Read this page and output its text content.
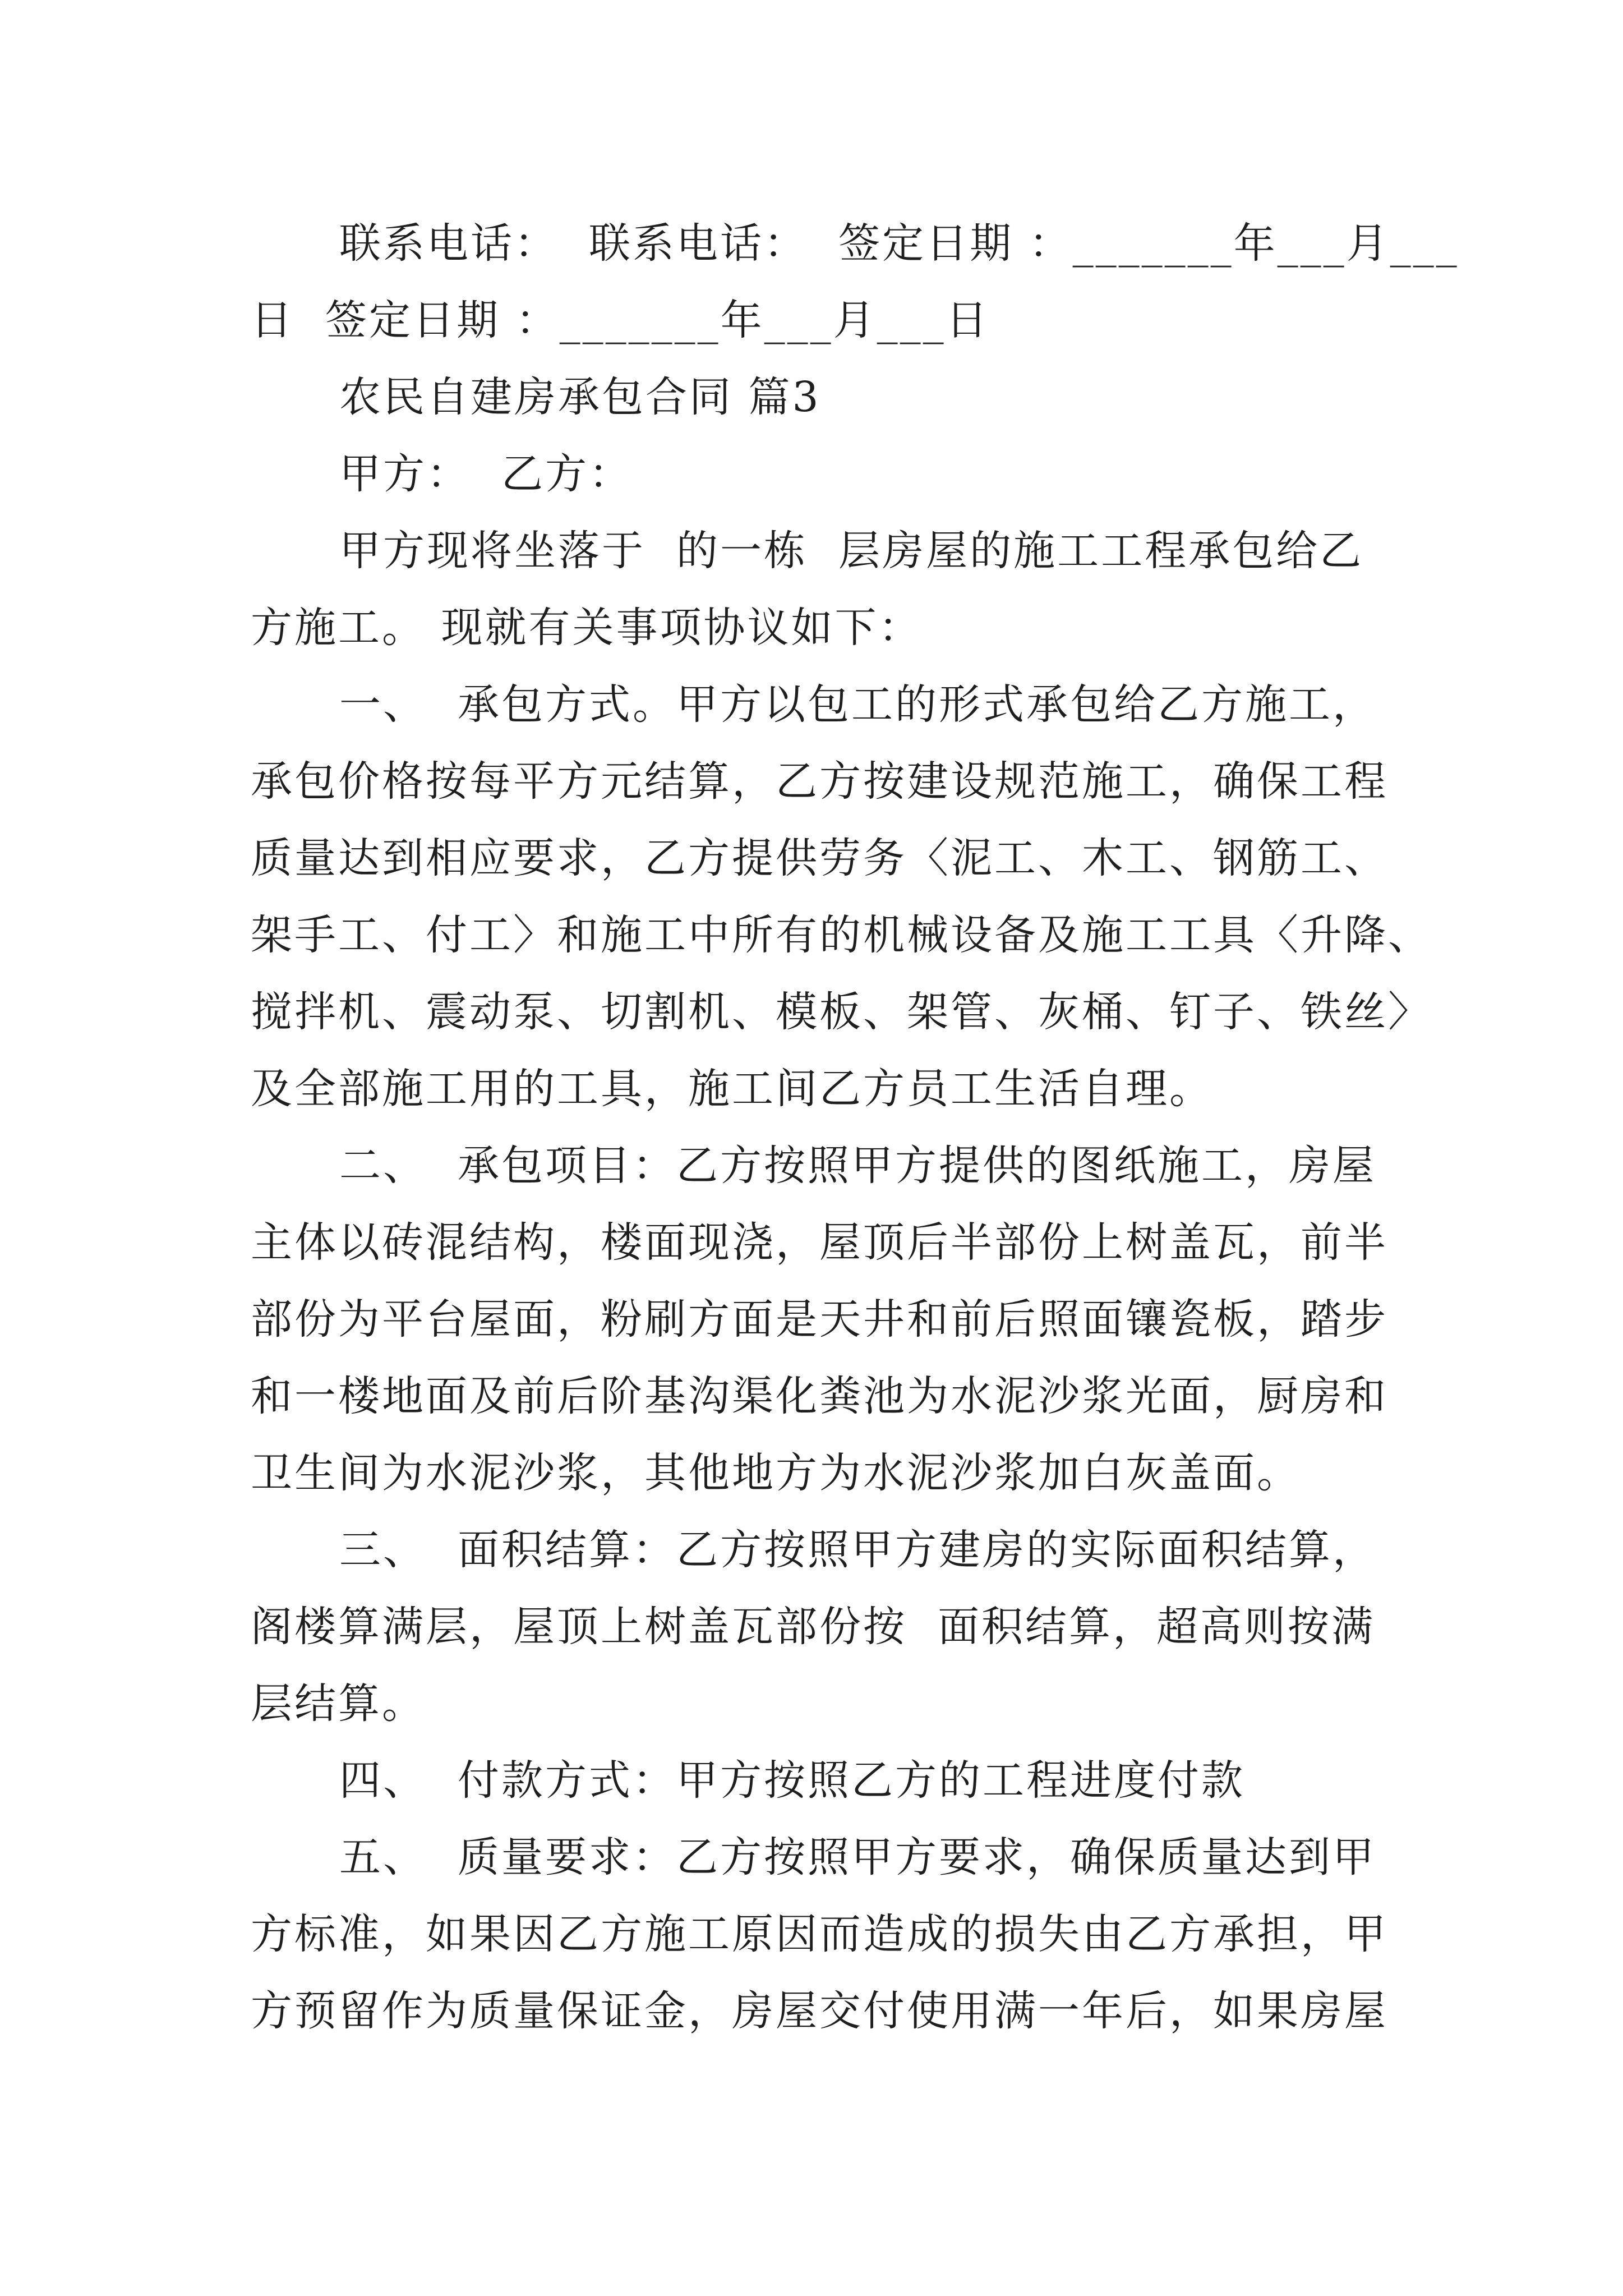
联系电话：  联系电话：  签定日期 ：_______年___月___
日  签定日期 ：_______年___月___日
农民自建房承包合同 篇3
甲方：  乙方：
甲方现将坐落于  的一栋  层房屋的施工工程承包给乙
方施工。 现就有关事项协议如下：
一、  承包方式。甲方以包工的形式承包给乙方施工，
承包价格按每平方元结算，乙方按建设规范施工，确保工程
质量达到相应要求，乙方提供劳务〈泥工、木工、钢筋工、
架手工、付工〉和施工中所有的机械设备及施工工具〈升降、
搅拌机、震动泵、切割机、模板、架管、灰桶、钉子、铁丝〉
及全部施工用的工具，施工间乙方员工生活自理。
二、  承包项目：乙方按照甲方提供的图纸施工，房屋
主体以砖混结构，楼面现浇，屋顶后半部份上树盖瓦，前半
部份为平台屋面，粉刷方面是天井和前后照面镶瓷板，踏步
和一楼地面及前后阶基沟渠化粪池为水泥沙浆光面，厨房和
卫生间为水泥沙浆，其他地方为水泥沙浆加白灰盖面。
三、  面积结算：乙方按照甲方建房的实际面积结算，
阁楼算满层，屋顶上树盖瓦部份按  面积结算，超高则按满
层结算。
四、  付款方式：甲方按照乙方的工程进度付款
五、  质量要求：乙方按照甲方要求，确保质量达到甲
方标准，如果因乙方施工原因而造成的损失由乙方承担，甲
方预留作为质量保证金，房屋交付使用满一年后，如果房屋
